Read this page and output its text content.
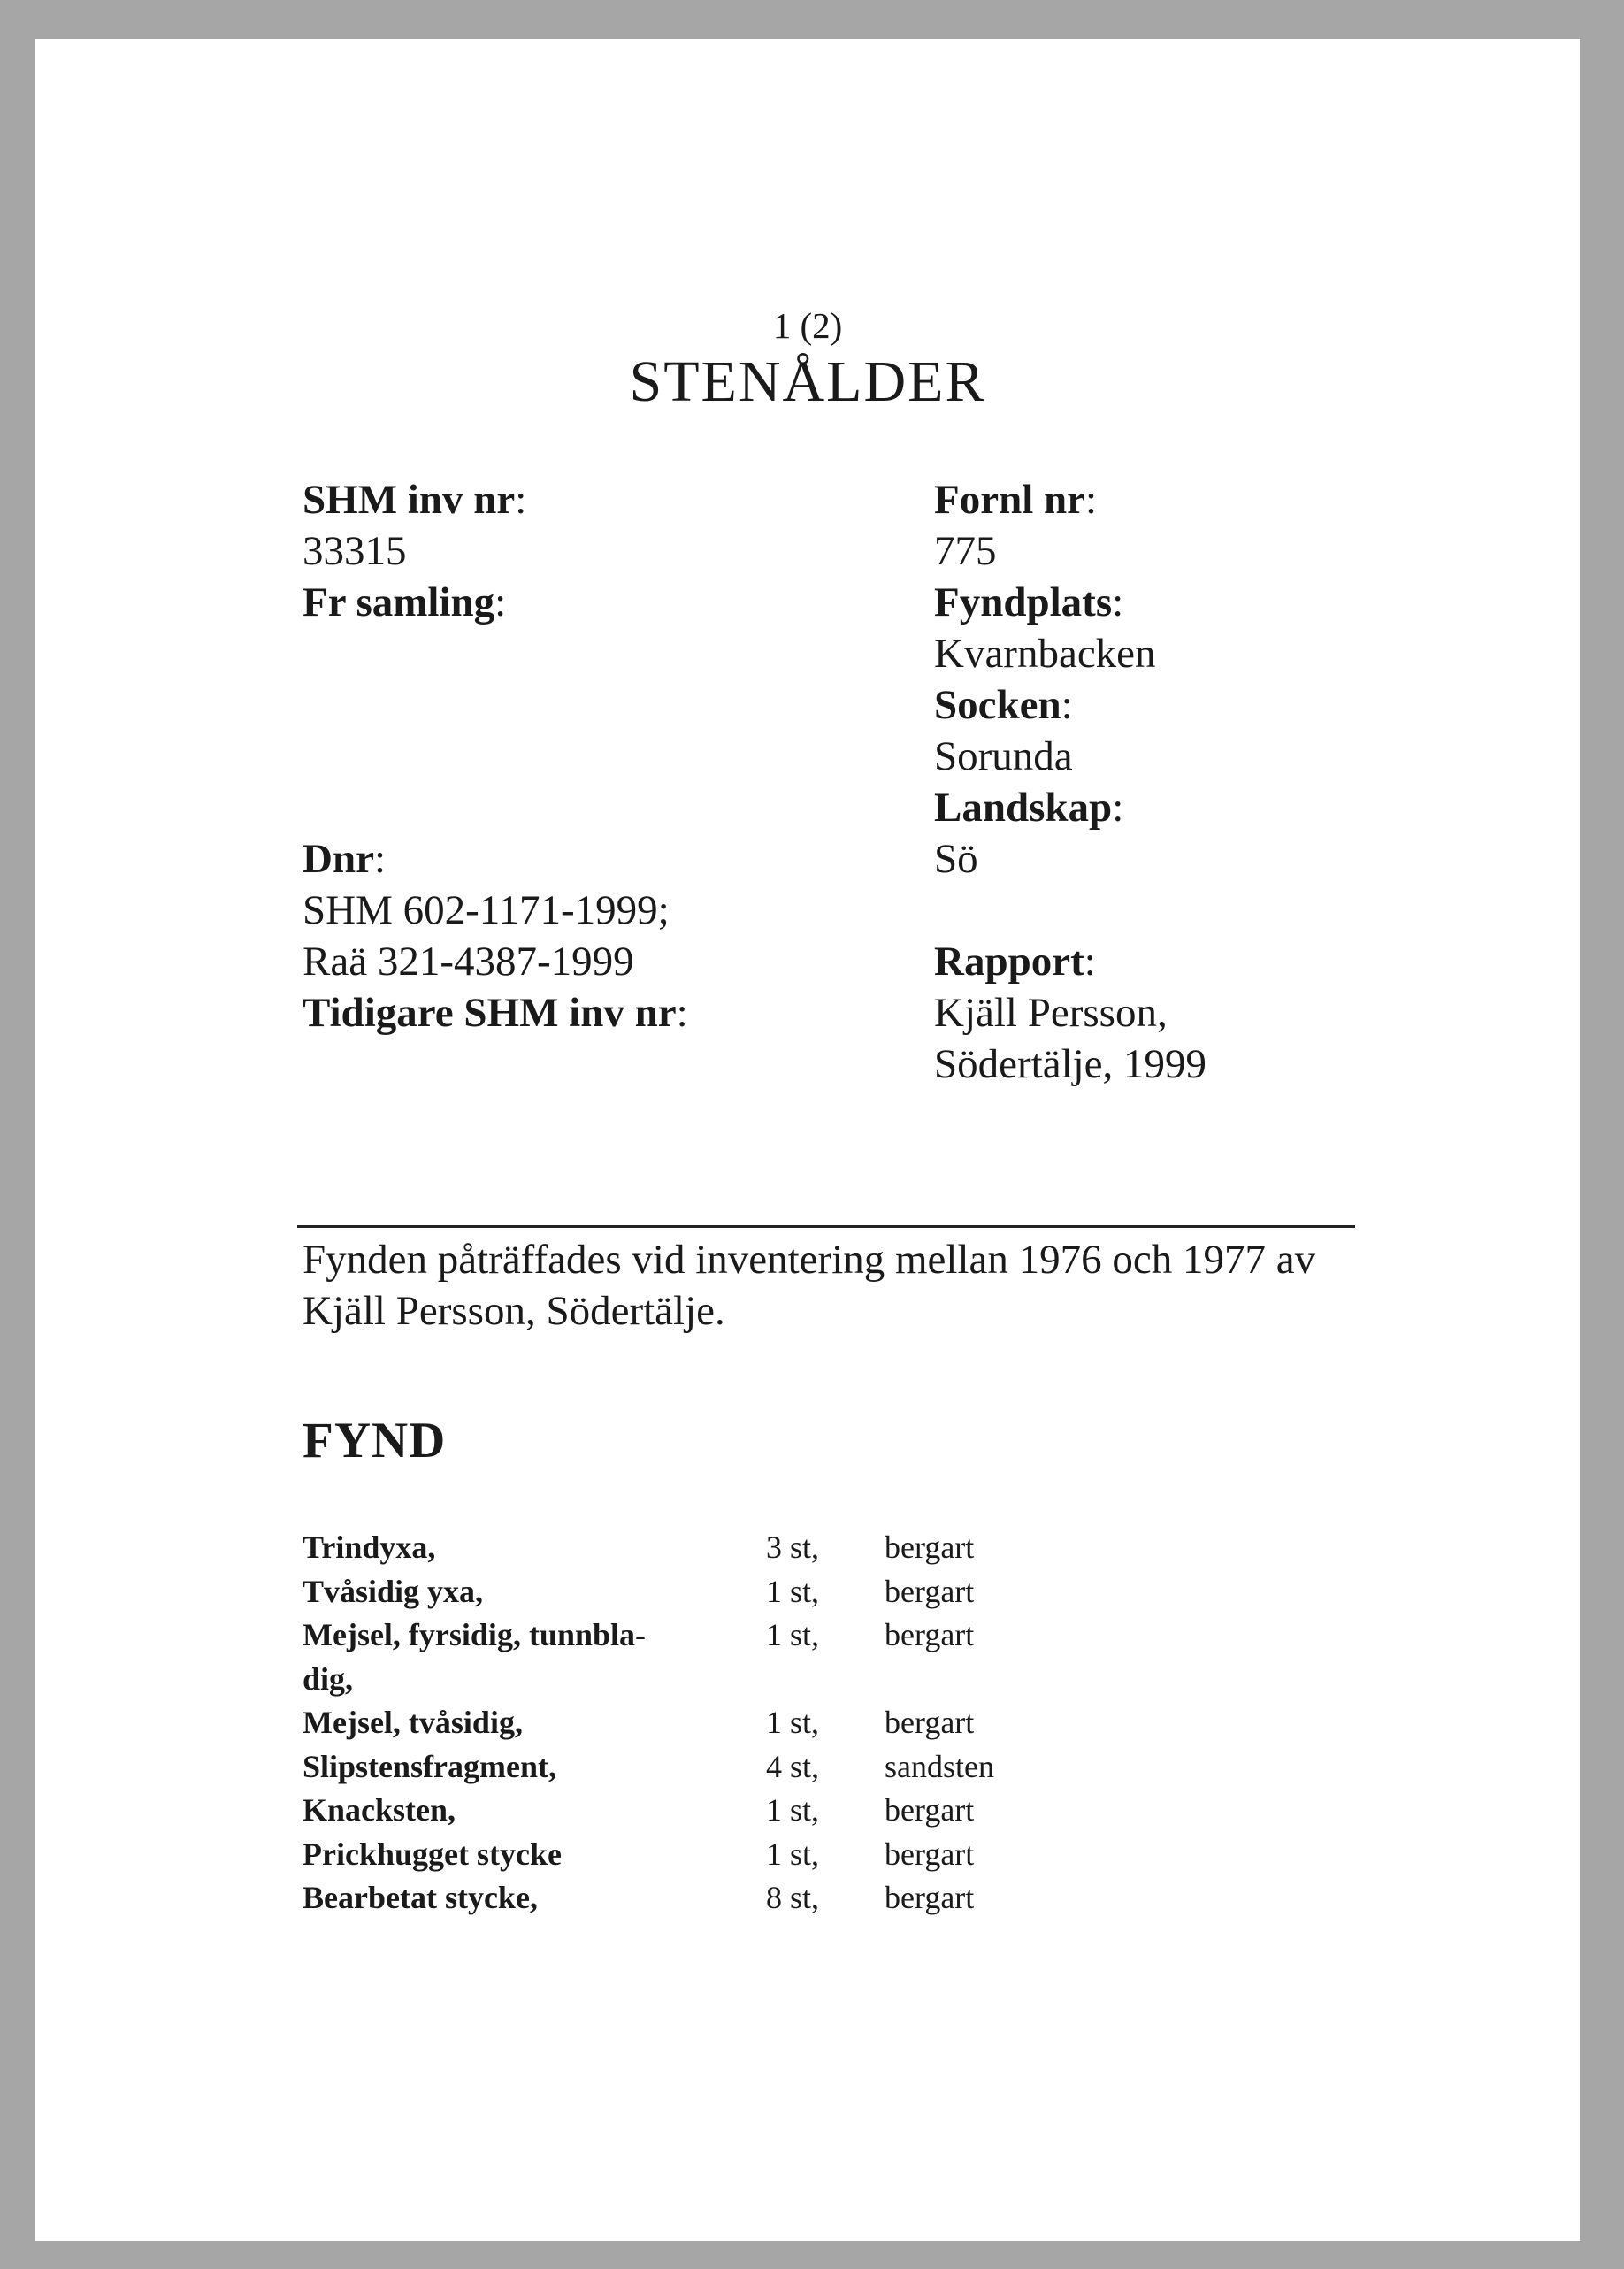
1 (2)
STENÅLDER
SHM inv nr:
33315
Fr samling:
Dnr:
SHM 602-1171-1999;
Raä 321-4387-1999
Tidigare SHM inv nr:
Fornl nr:
775
Fyndplats:
Kvarnbacken
Socken:
Sorunda
Landskap:
Sö
Rapport:
Kjäll Persson,
Södertälje, 1999
Fynden påträffades vid inventering mellan 1976 och 1977 av Kjäll Persson, Södertälje.
FYND
Trindyxa,	3 st,	bergart
Tvåsidig yxa,	1 st,	bergart
Mejsel, fyrsidig, tunnbla-	1 st,	bergart
dig,
Mejsel, tvåsidig,	1 st,	bergart
Slipstensfragment,	4 st,	sandsten
Knacksten,	1 st,	bergart
Prickhugget stycke	1 st,	bergart
Bearbetat stycke,	8 st,	bergart
